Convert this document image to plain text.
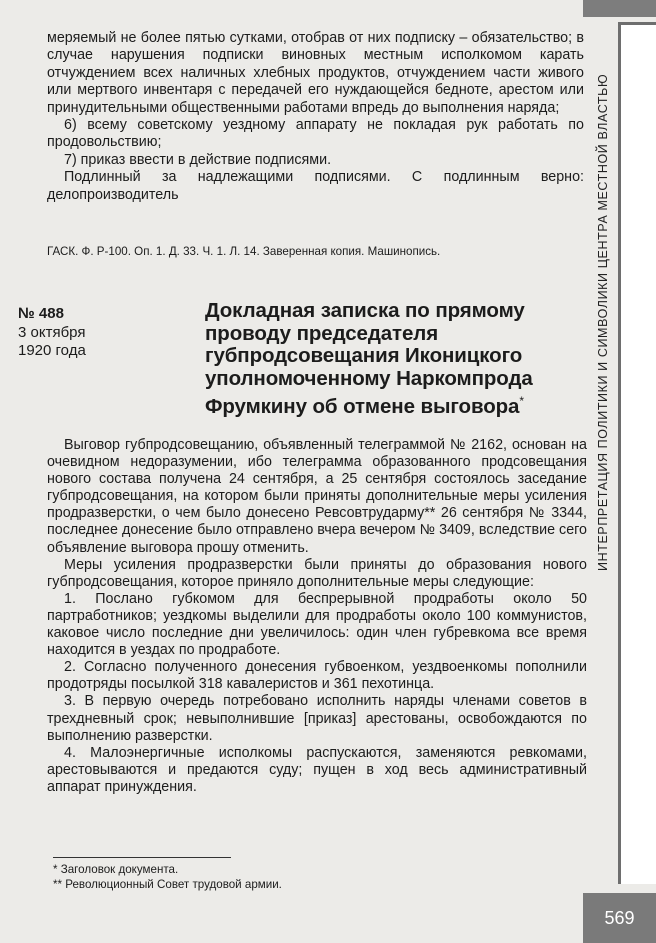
ИНТЕРПРЕТАЦИЯ ПОЛИТИКИ И СИМВОЛИКИ ЦЕНТРА МЕСТНОЙ ВЛАСТЬЮ

меряемый не более пятью сутками, отобрав от них подписку – обязательство; в случае нарушения подписки виновных местным исполкомом карать отчуждением всех наличных хлебных продуктов, отчуждением части живого или мертвого инвентаря с передачей его нуждающейся бедноте, арестом или принудительными общественными работами впредь до выполнения наряда;

6) всему советскому уездному аппарату не покладая рук работать по продовольствию;

7) приказ ввести в действие подписями.

Подлинный за надлежащими подписями. С подлинным верно: делопроизводитель

ГАСК. Ф. Р-100. Оп. 1. Д. 33. Ч. 1. Л. 14. Заверенная копия. Машинопись.
№ 488
3 октября
1920 года
Докладная записка по прямому проводу председателя губпродсовещания Иконицкого уполномоченному Наркомпрода Фрумкину об отмене выговора*

Выговор губпродсовещанию, объявленный телеграммой № 2162, основан на очевидном недоразумении, ибо телеграмма образованного продсовещания нового состава получена 24 сентября, а 25 сентября состоялось заседание губпродсовещания, на котором были приняты дополнительные меры усиления продразверстки, о чем было донесено Ревсовтрударму** 26 сентября № 3344, последнее донесение было отправлено вчера вечером № 3409, вследствие сего объявление выговора прошу отменить.

Меры усиления продразверстки были приняты до образования нового губпродсовещания, которое приняло дополнительные меры следующие:

1. Послано губкомом для беспрерывной продработы около 50 партработников; уездкомы выделили для продработы около 100 коммунистов, каковое число последние дни увеличилось: один член губревкома все время находится в уездах по продработе.

2. Согласно полученного донесения губвоенком, уездвоенкомы пополнили продотряды посылкой 318 кавалеристов и 361 пехотинца.

3. В первую очередь потребовано исполнить наряды членами советов в трехдневный срок; невыполнившие [приказ] арестованы, освобождаются по выполнению разверстки.

4. Малоэнергичные исполкомы распускаются, заменяются ревкомами, арестовываются и предаются суду; пущен в ход весь административный аппарат принуждения.

* Заголовок документа.
** Революционный Совет трудовой армии.
569
